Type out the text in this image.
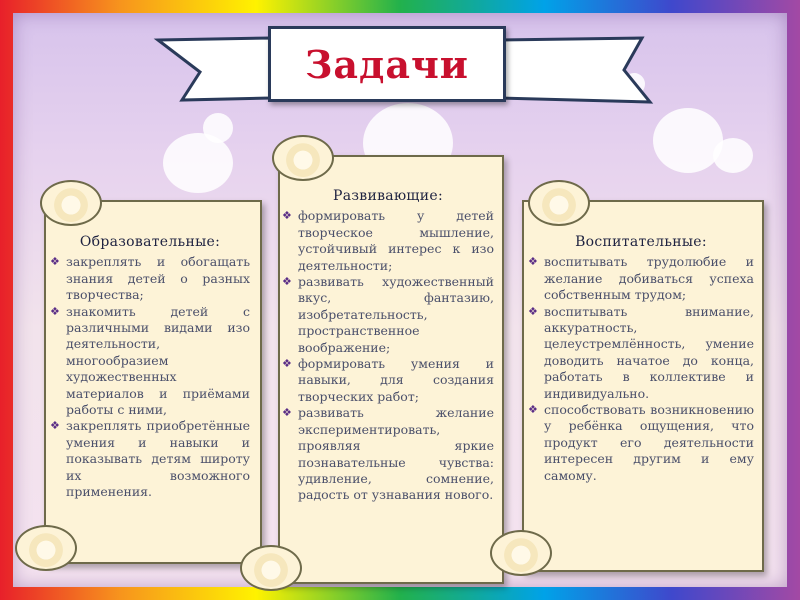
Задачи
Образовательные:
❖ закреплять и обогащать знания детей о разных творчества;
❖ знакомить детей с различными видами изо деятельности, многообразием художественных материалов и приёмами работы с ними,
❖ закреплять приобретённые умения и навыки и показывать детям широту их возможного применения.
Развивающие:
❖ формировать у детей творческое мышление, устойчивый интерес к изо деятельности;
❖ развивать художественный вкус, фантазию, изобретательность, пространственное воображение;
❖ формировать умения и навыки, для создания творческих работ;
❖ развивать желание экспериментировать, проявляя яркие познавательные чувства: удивление, сомнение, радость от узнавания нового.
Воспитательные:
❖ воспитывать трудолюбие и желание добиваться успеха собственным трудом;
❖ воспитывать внимание, аккуратность, целеустремлённость, умение доводить начатое до конца, работать в коллективе и индивидуально.
❖ способствовать возникновению у ребёнка ощущения, что продукт его деятельности интересен другим и ему самому.
